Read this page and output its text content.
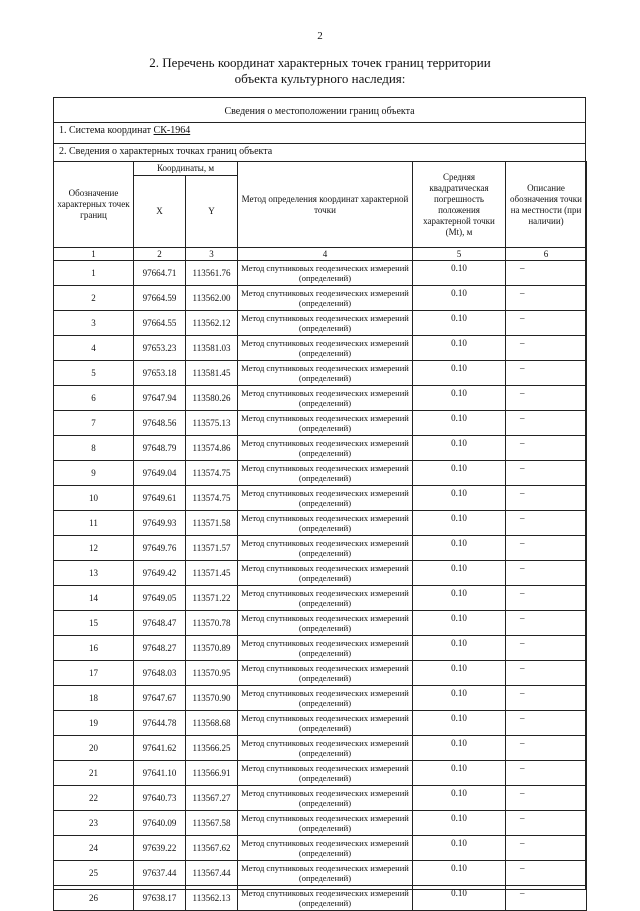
2
2. Перечень координат характерных точек границ территории
объекта культурного наследия:
Сведения о местоположении границ объекта
1. Система координат СК-1964
2. Сведения о характерных точках границ объекта
Обозначение характерных точек границ	Координаты, м		Метод определения координат характерной точки	Средняя квадратическая погрешность положения характерной точки (Mt), м	Описание обозначения точки на местности (при наличии)
	X	Y			
1	2	3	4	5	6
1	97664.71	113561.76	Метод спутниковых геодезических измерений (определений)	0.10	–
2	97664.59	113562.00	Метод спутниковых геодезических измерений (определений)	0.10	–
3	97664.55	113562.12	Метод спутниковых геодезических измерений (определений)	0.10	–
4	97653.23	113581.03	Метод спутниковых геодезических измерений (определений)	0.10	–
5	97653.18	113581.45	Метод спутниковых геодезических измерений (определений)	0.10	–
6	97647.94	113580.26	Метод спутниковых геодезических измерений (определений)	0.10	–
7	97648.56	113575.13	Метод спутниковых геодезических измерений (определений)	0.10	–
8	97648.79	113574.86	Метод спутниковых геодезических измерений (определений)	0.10	–
9	97649.04	113574.75	Метод спутниковых геодезических измерений (определений)	0.10	–
10	97649.61	113574.75	Метод спутниковых геодезических измерений (определений)	0.10	–
11	97649.93	113571.58	Метод спутниковых геодезических измерений (определений)	0.10	–
12	97649.76	113571.57	Метод спутниковых геодезических измерений (определений)	0.10	–
13	97649.42	113571.45	Метод спутниковых геодезических измерений (определений)	0.10	–
14	97649.05	113571.22	Метод спутниковых геодезических измерений (определений)	0.10	–
15	97648.47	113570.78	Метод спутниковых геодезических измерений (определений)	0.10	–
16	97648.27	113570.89	Метод спутниковых геодезических измерений (определений)	0.10	–
17	97648.03	113570.95	Метод спутниковых геодезических измерений (определений)	0.10	–
18	97647.67	113570.90	Метод спутниковых геодезических измерений (определений)	0.10	–
19	97644.78	113568.68	Метод спутниковых геодезических измерений (определений)	0.10	–
20	97641.62	113566.25	Метод спутниковых геодезических измерений (определений)	0.10	–
21	97641.10	113566.91	Метод спутниковых геодезических измерений (определений)	0.10	–
22	97640.73	113567.27	Метод спутниковых геодезических измерений (определений)	0.10	–
23	97640.09	113567.58	Метод спутниковых геодезических измерений (определений)	0.10	–
24	97639.22	113567.62	Метод спутниковых геодезических измерений (определений)	0.10	–
25	97637.44	113567.44	Метод спутниковых геодезических измерений (определений)	0.10	–
26	97638.17	113562.13	Метод спутниковых геодезических измерений (определений)	0.10	–
